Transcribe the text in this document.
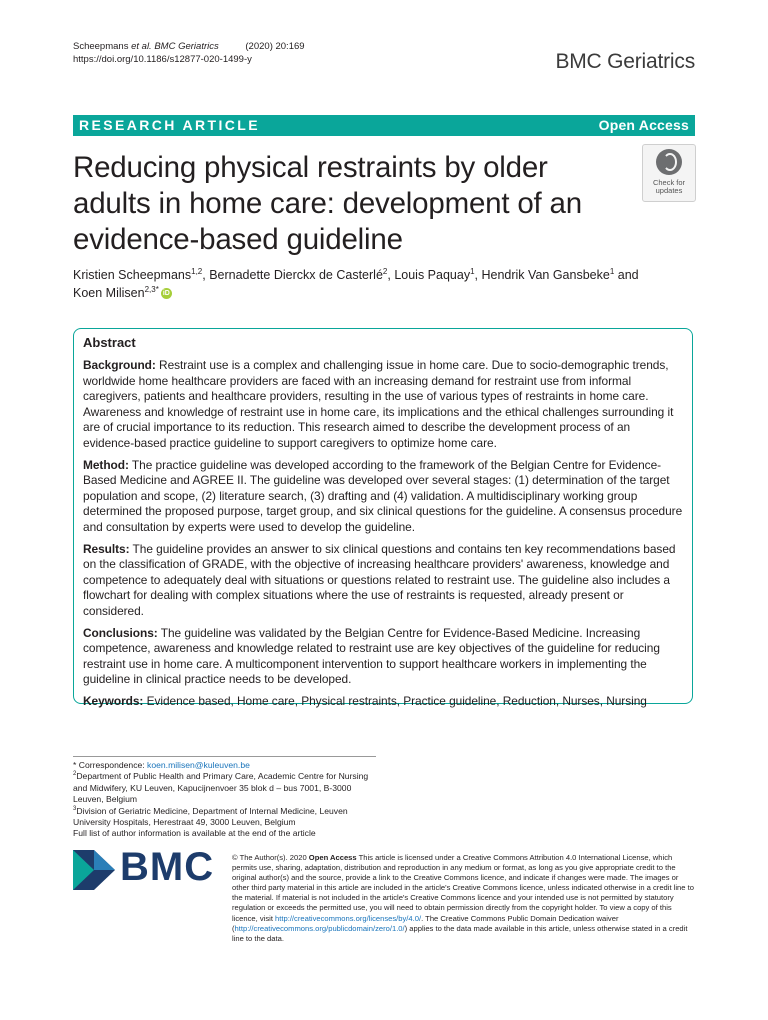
Scheepmans et al. BMC Geriatrics	(2020) 20:169
https://doi.org/10.1186/s12877-020-1499-y	BMC Geriatrics
RESEARCH ARTICLE	Open Access
Reducing physical restraints by older adults in home care: development of an evidence-based guideline
Check for
updates
Kristien Scheepmans$^{1,2}$, Bernadette Dierckx de Casterlé$^2$, Louis Paquay$^1$, Hendrik Van Gansbeke$^1$ and
Koen Milisen$^{2,3*}$ iD
Abstract

Background: Restraint use is a complex and challenging issue in home care. Due to socio-demographic trends, worldwide home healthcare providers are faced with an increasing demand for restraint use from informal caregivers, patients and healthcare providers, resulting in the use of various types of restraints in home care. Awareness and knowledge of restraint use in home care, its implications and the ethical challenges surrounding it are of crucial importance to its reduction. This research aimed to describe the development process of an evidence-based practice guideline to support caregivers to optimize home care.

Method: The practice guideline was developed according to the framework of the Belgian Centre for Evidence-Based Medicine and AGREE II. The guideline was developed over several stages: (1) determination of the target population and scope, (2) literature search, (3) drafting and (4) validation. A multidisciplinary working group determined the proposed purpose, target group, and six clinical questions for the guideline. A consensus procedure and consultation by experts were used to develop the guideline.

Results: The guideline provides an answer to six clinical questions and contains ten key recommendations based on the classification of GRADE, with the objective of increasing healthcare providers' awareness, knowledge and competence to adequately deal with situations or questions related to restraint use. The guideline also includes a flowchart for dealing with complex situations where the use of restraints is requested, already present or considered.

Conclusions: The guideline was validated by the Belgian Centre for Evidence-Based Medicine. Increasing competence, awareness and knowledge related to restraint use are key objectives of the guideline for reducing restraint use in home care. A multicomponent intervention to support healthcare workers in implementing the guideline in clinical practice needs to be developed.

Keywords: Evidence based, Home care, Physical restraints, Practice guideline, Reduction, Nurses, Nursing

* Correspondence: koen.milisen@kuleuven.be

$^2$Department of Public Health and Primary Care, Academic Centre for Nursing and Midwifery, KU Leuven, Kapucijnenvoer 35 blok d – bus 7001, B-3000 Leuven, Belgium

$^3$Division of Geriatric Medicine, Department of Internal Medicine, Leuven University Hospitals, Herestraat 49, 3000 Leuven, Belgium

Full list of author information is available at the end of the article

BMC © The Author(s). 2020 Open Access This article is licensed under a Creative Commons Attribution 4.0 International License, which permits use, sharing, adaptation, distribution and reproduction in any medium or format, as long as you give appropriate credit to the original author(s) and the source, provide a link to the Creative Commons licence, and indicate if changes were made. The images or other third party material in this article are included in the article's Creative Commons licence, unless indicated otherwise in a credit line to the material. If material is not included in the article's Creative Commons licence and your intended use is not permitted by statutory regulation or exceeds the permitted use, you will need to obtain permission directly from the copyright holder. To view a copy of this licence, visit http://creativecommons.org/licenses/by/4.0/. The Creative Commons Public Domain Dedication waiver (http://creativecommons.org/publicdomain/zero/1.0/) applies to the data made available in this article, unless otherwise stated in a credit line to the data.
